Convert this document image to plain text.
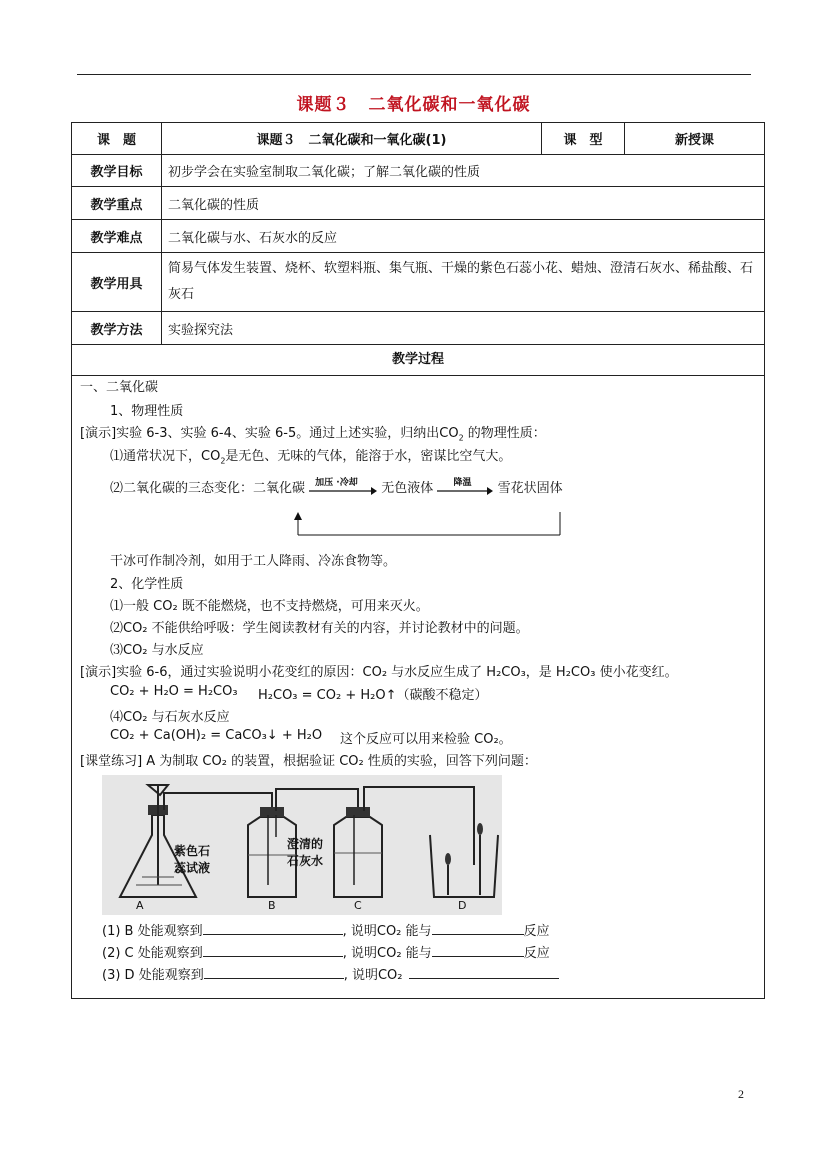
课题３　二氧化碳和一氧化碳
课　题	课题３　二氧化碳和一氧化碳(1)	课　型	新授课
教学目标	初步学会在实验室制取二氧化碳；了解二氧化碳的性质		
教学重点	二氧化碳的性质		
教学难点	二氧化碳与水、石灰水的反应		
教学用具	简易气体发生装置、烧杯、软塑料瓶、集气瓶、干燥的紫色石蕊小花、蜡烛、澄清石灰水、稀盐酸、石灰石		
教学方法	实验探究法		
教学过程
一、二氧化碳
1、物理性质
[演示]实验 6-3、实验 6-4、实验 6-5。通过上述实验，归纳出$CO_2$ 的物理性质：
⑴通常状况下，$CO_2$是无色、无味的气体，能溶于水，密谋比空气大。
⑵二氧化碳的三态变化：二氧化碳 加压 ·冷却 无色液体 降温 雪花状固体
干冰可作制冷剂，如用于工人降雨、冷冻食物等。
2、化学性质
⑴一般 CO₂ 既不能燃烧，也不支持燃烧，可用来灭火。
⑵CO₂ 不能供给呼吸：学生阅读教材有关的内容，并讨论教材中的问题。
⑶CO₂ 与水反应
[演示]实验 6-6，通过实验说明小花变红的原因：CO₂ 与水反应生成了 H₂CO₃，是 H₂CO₃ 使小花变红。
CO₂ + H₂O = H₂CO₃ H₂CO₃ = CO₂ + H₂O↑（碳酸不稳定）
⑷CO₂ 与石灰水反应
CO₂ + Ca(OH)₂ = CaCO₃↓ + H₂O 这个反应可以用来检验 CO₂。
[课堂练习] A 为制取 CO₂ 的装置，根据验证 CO₂ 性质的实验，回答下列问题：
紫色石
蕊试液
澄清的
石灰水
A	B	C	D
(1) B 处能观察到	, 说明CO₂ 能与	反应
(2) C 处能观察到	, 说明CO₂ 能与	反应
(3) D 处能观察到	, 说明CO₂
2
